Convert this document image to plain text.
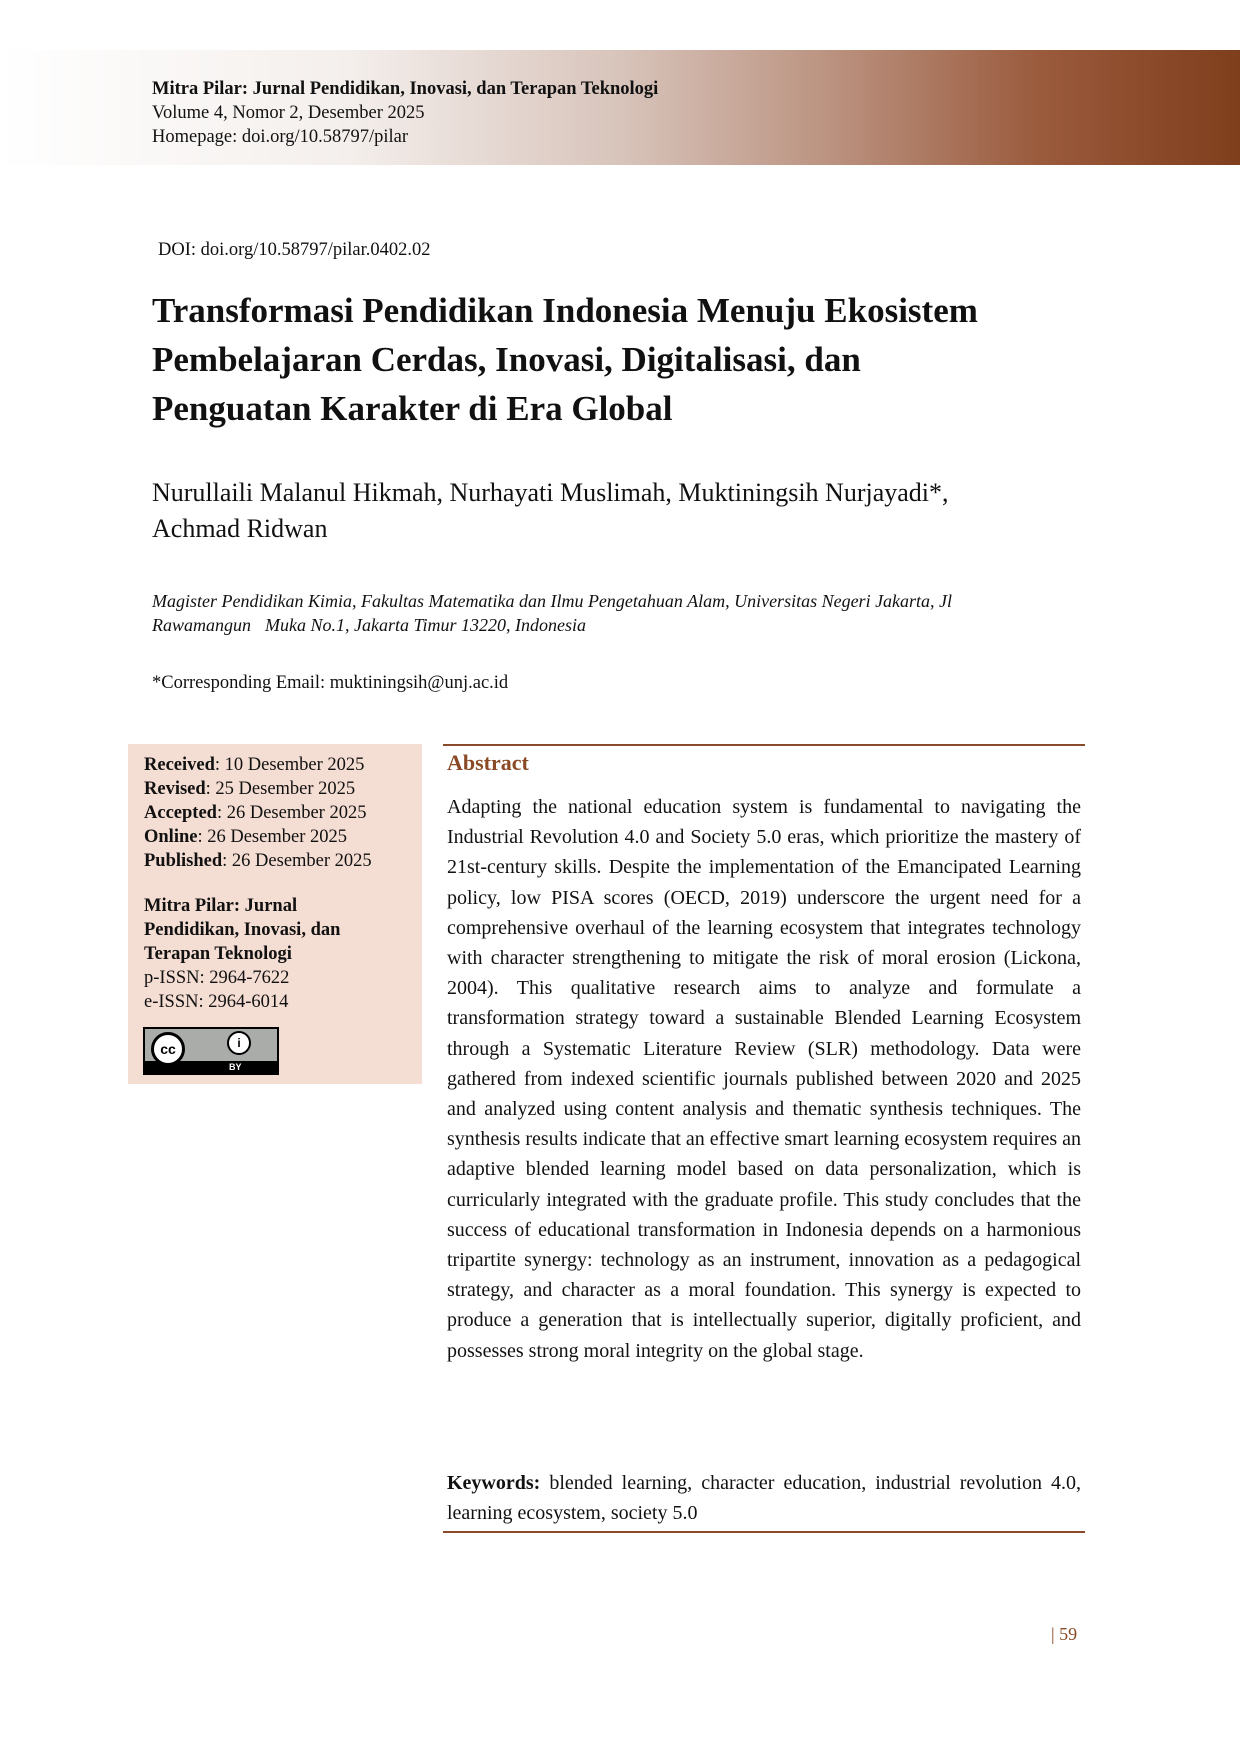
Mitra Pilar: Jurnal Pendidikan, Inovasi, dan Terapan Teknologi
Volume 4, Nomor 2, Desember 2025
Homepage: doi.org/10.58797/pilar
DOI: doi.org/10.58797/pilar.0402.02
Transformasi Pendidikan Indonesia Menuju Ekosistem
Pembelajaran Cerdas, Inovasi, Digitalisasi, dan
Penguatan Karakter di Era Global
Nurullaili Malanul Hikmah, Nurhayati Muslimah, Muktiningsih Nurjayadi*,
Achmad Ridwan
Magister Pendidikan Kimia, Fakultas Matematika dan Ilmu Pengetahuan Alam, Universitas Negeri Jakarta, Jl
Rawamangun Muka No.1, Jakarta Timur 13220, Indonesia
*Corresponding Email: muktiningsih@unj.ac.id
Received: 10 Desember 2025
Revised: 25 Desember 2025
Accepted: 26 Desember 2025
Online: 26 Desember 2025
Published: 26 Desember 2025
Mitra Pilar: Jurnal
Pendidikan, Inovasi, dan
Terapan Teknologi
p-ISSN: 2964-7622
e-ISSN: 2964-6014
cc	i
BY
Abstract

Adapting the national education system is fundamental to navigating the Industrial Revolution 4.0 and Society 5.0 eras, which prioritize the mastery of 21st-century skills. Despite the implementation of the Emancipated Learning policy, low PISA scores (OECD, 2019) underscore the urgent need for a comprehensive overhaul of the learning ecosystem that integrates technology with character strengthening to mitigate the risk of moral erosion (Lickona, 2004). This qualitative research aims to analyze and formulate a transformation strategy toward a sustainable Blended Learning Ecosystem through a Systematic Literature Review (SLR) methodology. Data were gathered from indexed scientific journals published between 2020 and 2025 and analyzed using content analysis and thematic synthesis techniques. The synthesis results indicate that an effective smart learning ecosystem requires an adaptive blended learning model based on data personalization, which is curricularly integrated with the graduate profile. This study concludes that the success of educational transformation in Indonesia depends on a harmonious tripartite synergy: technology as an instrument, innovation as a pedagogical strategy, and character as a moral foundation. This synergy is expected to produce a generation that is intellectually superior, digitally proficient, and possesses strong moral integrity on the global stage.

Keywords: blended learning, character education, industrial revolution 4.0, learning ecosystem, society 5.0

| 59
